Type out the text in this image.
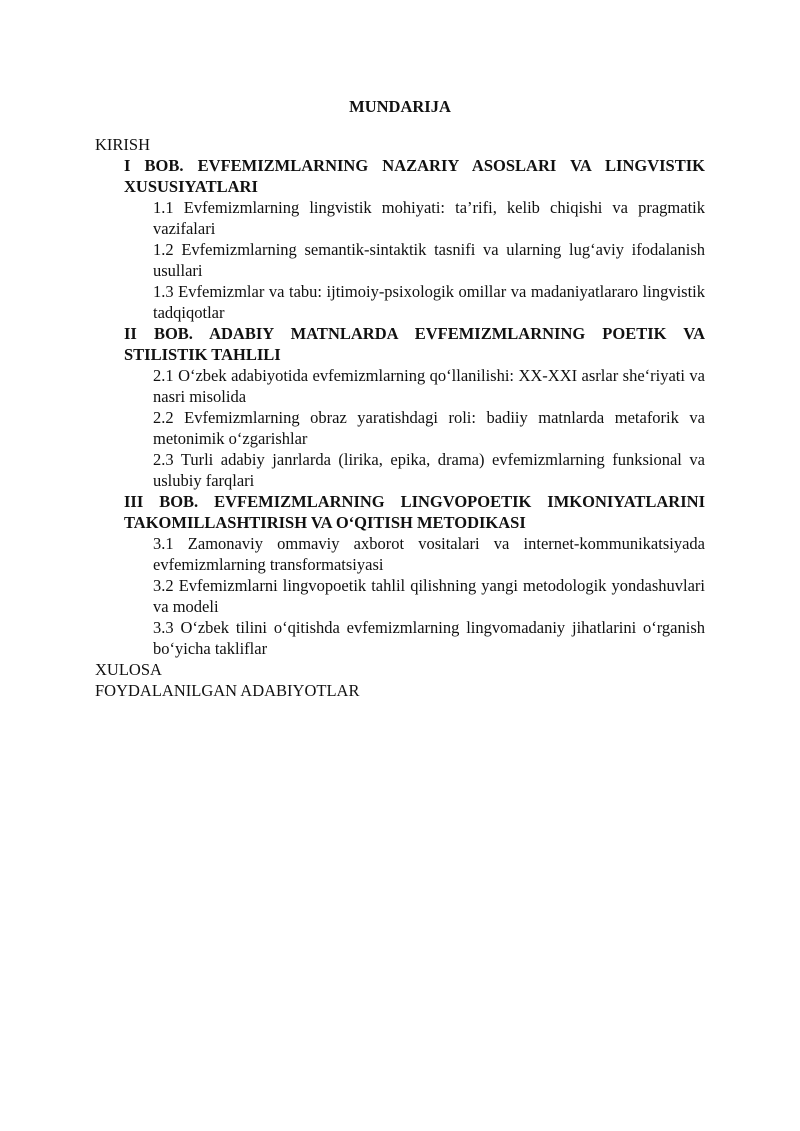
MUNDARIJA

KIRISH

I BOB. EVFEMIZMLARNING NAZARIY ASOSLARI VA LINGVISTIK XUSUSIYATLARI

1.1 Evfemizmlarning lingvistik mohiyati: ta’rifi, kelib chiqishi va pragmatik vazifalari

1.2 Evfemizmlarning semantik-sintaktik tasnifi va ularning lug‘aviy ifodalanish usullari

1.3 Evfemizmlar va tabu: ijtimoiy-psixologik omillar va madaniyatlararo lingvistik tadqiqotlar

II BOB. ADABIY MATNLARDA EVFEMIZMLARNING POETIK VA STILISTIK TAHLILI

2.1 O‘zbek adabiyotida evfemizmlarning qo‘llanilishi: XX-XXI asrlar she‘riyati va nasri misolida

2.2 Evfemizmlarning obraz yaratishdagi roli: badiiy matnlarda metaforik va metonimik o‘zgarishlar

2.3 Turli adabiy janrlarda (lirika, epika, drama) evfemizmlarning funksional va uslubiy farqlari

III BOB. EVFEMIZMLARNING LINGVOPOETIK IMKONIYATLARINI TAKOMILLASHTIRISH VA O‘QITISH METODIKASI

3.1 Zamonaviy ommaviy axborot vositalari va internet-kommunikatsiyada evfemizmlarning transformatsiyasi

3.2 Evfemizmlarni lingvopoetik tahlil qilishning yangi metodologik yondashuvlari va modeli

3.3 O‘zbek tilini o‘qitishda evfemizmlarning lingvomadaniy jihatlarini o‘rganish bo‘yicha takliflar

XULOSA

FOYDALANILGAN ADABIYOTLAR
